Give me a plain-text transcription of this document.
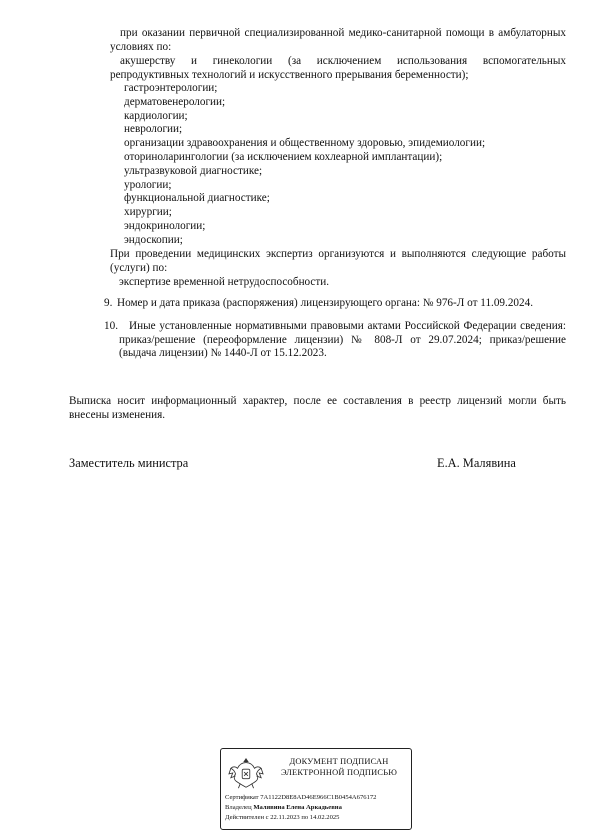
при оказании первичной специализированной медико-санитарной помощи в амбулаторных условиях по:
акушерству и гинекологии (за исключением использования вспомогательных репродуктивных технологий и искусственного прерывания беременности);
гастроэнтерологии;
дерматовенерологии;
кардиологии;
неврологии;
организации здравоохранения и общественному здоровью, эпидемиологии;
оториноларингологии (за исключением кохлеарной имплантации);
ультразвуковой диагностике;
урологии;
функциональной диагностике;
хирургии;
эндокринологии;
эндоскопии;
При проведении медицинских экспертиз организуются и выполняются следующие работы (услуги) по:
экспертизе временной нетрудоспособности.
9. Номер и дата приказа (распоряжения) лицензирующего органа: № 976-Л от 11.09.2024.
10. Иные установленные нормативными правовыми актами Российской Федерации сведения: приказ/решение (переоформление лицензии) № 808-Л от 29.07.2024; приказ/решение (выдача лицензии) № 1440-Л от 15.12.2023.
Выписка носит информационный характер, после ее составления в реестр лицензий могли быть внесены изменения.
Заместитель министра	Е.А. Малявина
ДОКУМЕНТ ПОДПИСАН
ЭЛЕКТРОННОЙ ПОДПИСЬЮ
Сертификат 7A1122D8E8AD46E966C1B0454A676172
Владелец Малявина Елена Аркадьевна
Действителен с 22.11.2023 по 14.02.2025
